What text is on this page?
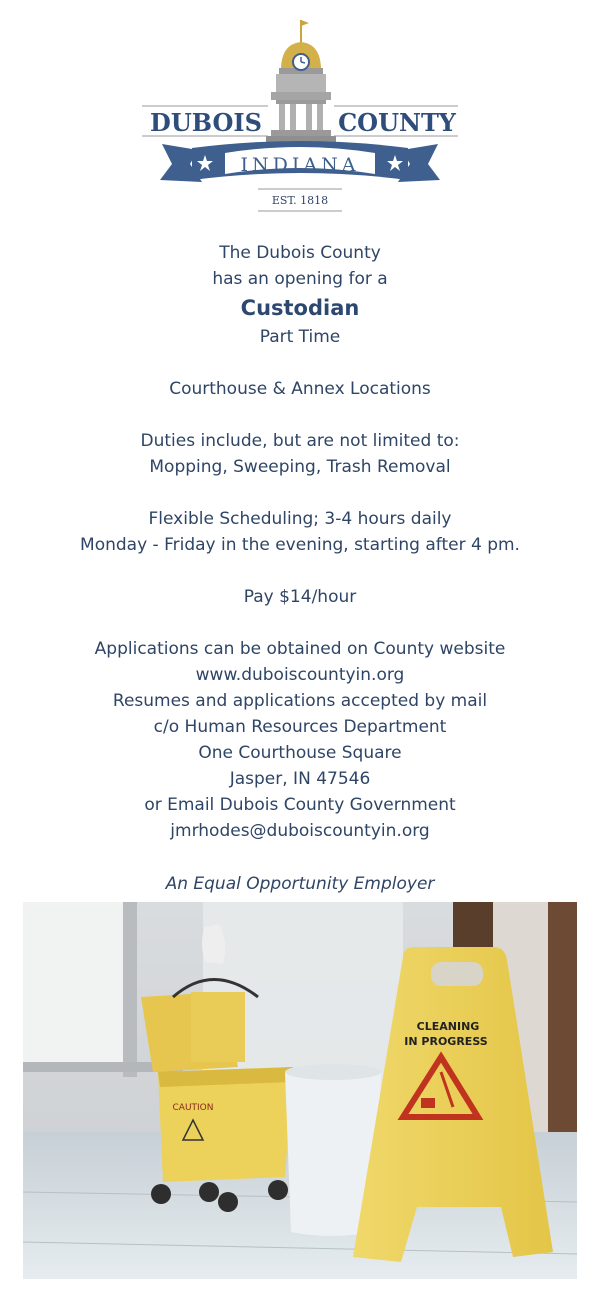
DUBOIS	COUNTY
INDIANA
EST. 1818
The Dubois County
has an opening for a
Custodian
Part Time
Courthouse & Annex Locations
Duties include, but are not limited to:
Mopping, Sweeping, Trash Removal
Flexible Scheduling; 3-4 hours daily
Monday - Friday in the evening, starting after 4 pm.
Pay $14/hour
Applications can be obtained on County website
www.duboiscountyin.org
Resumes and applications accepted by mail
c/o Human Resources Department
One Courthouse Square
Jasper, IN 47546
or Email Dubois County Government
jmrhodes@duboiscountyin.org
An Equal Opportunity Employer
CAUTION
CLEANING
IN PROGRESS
